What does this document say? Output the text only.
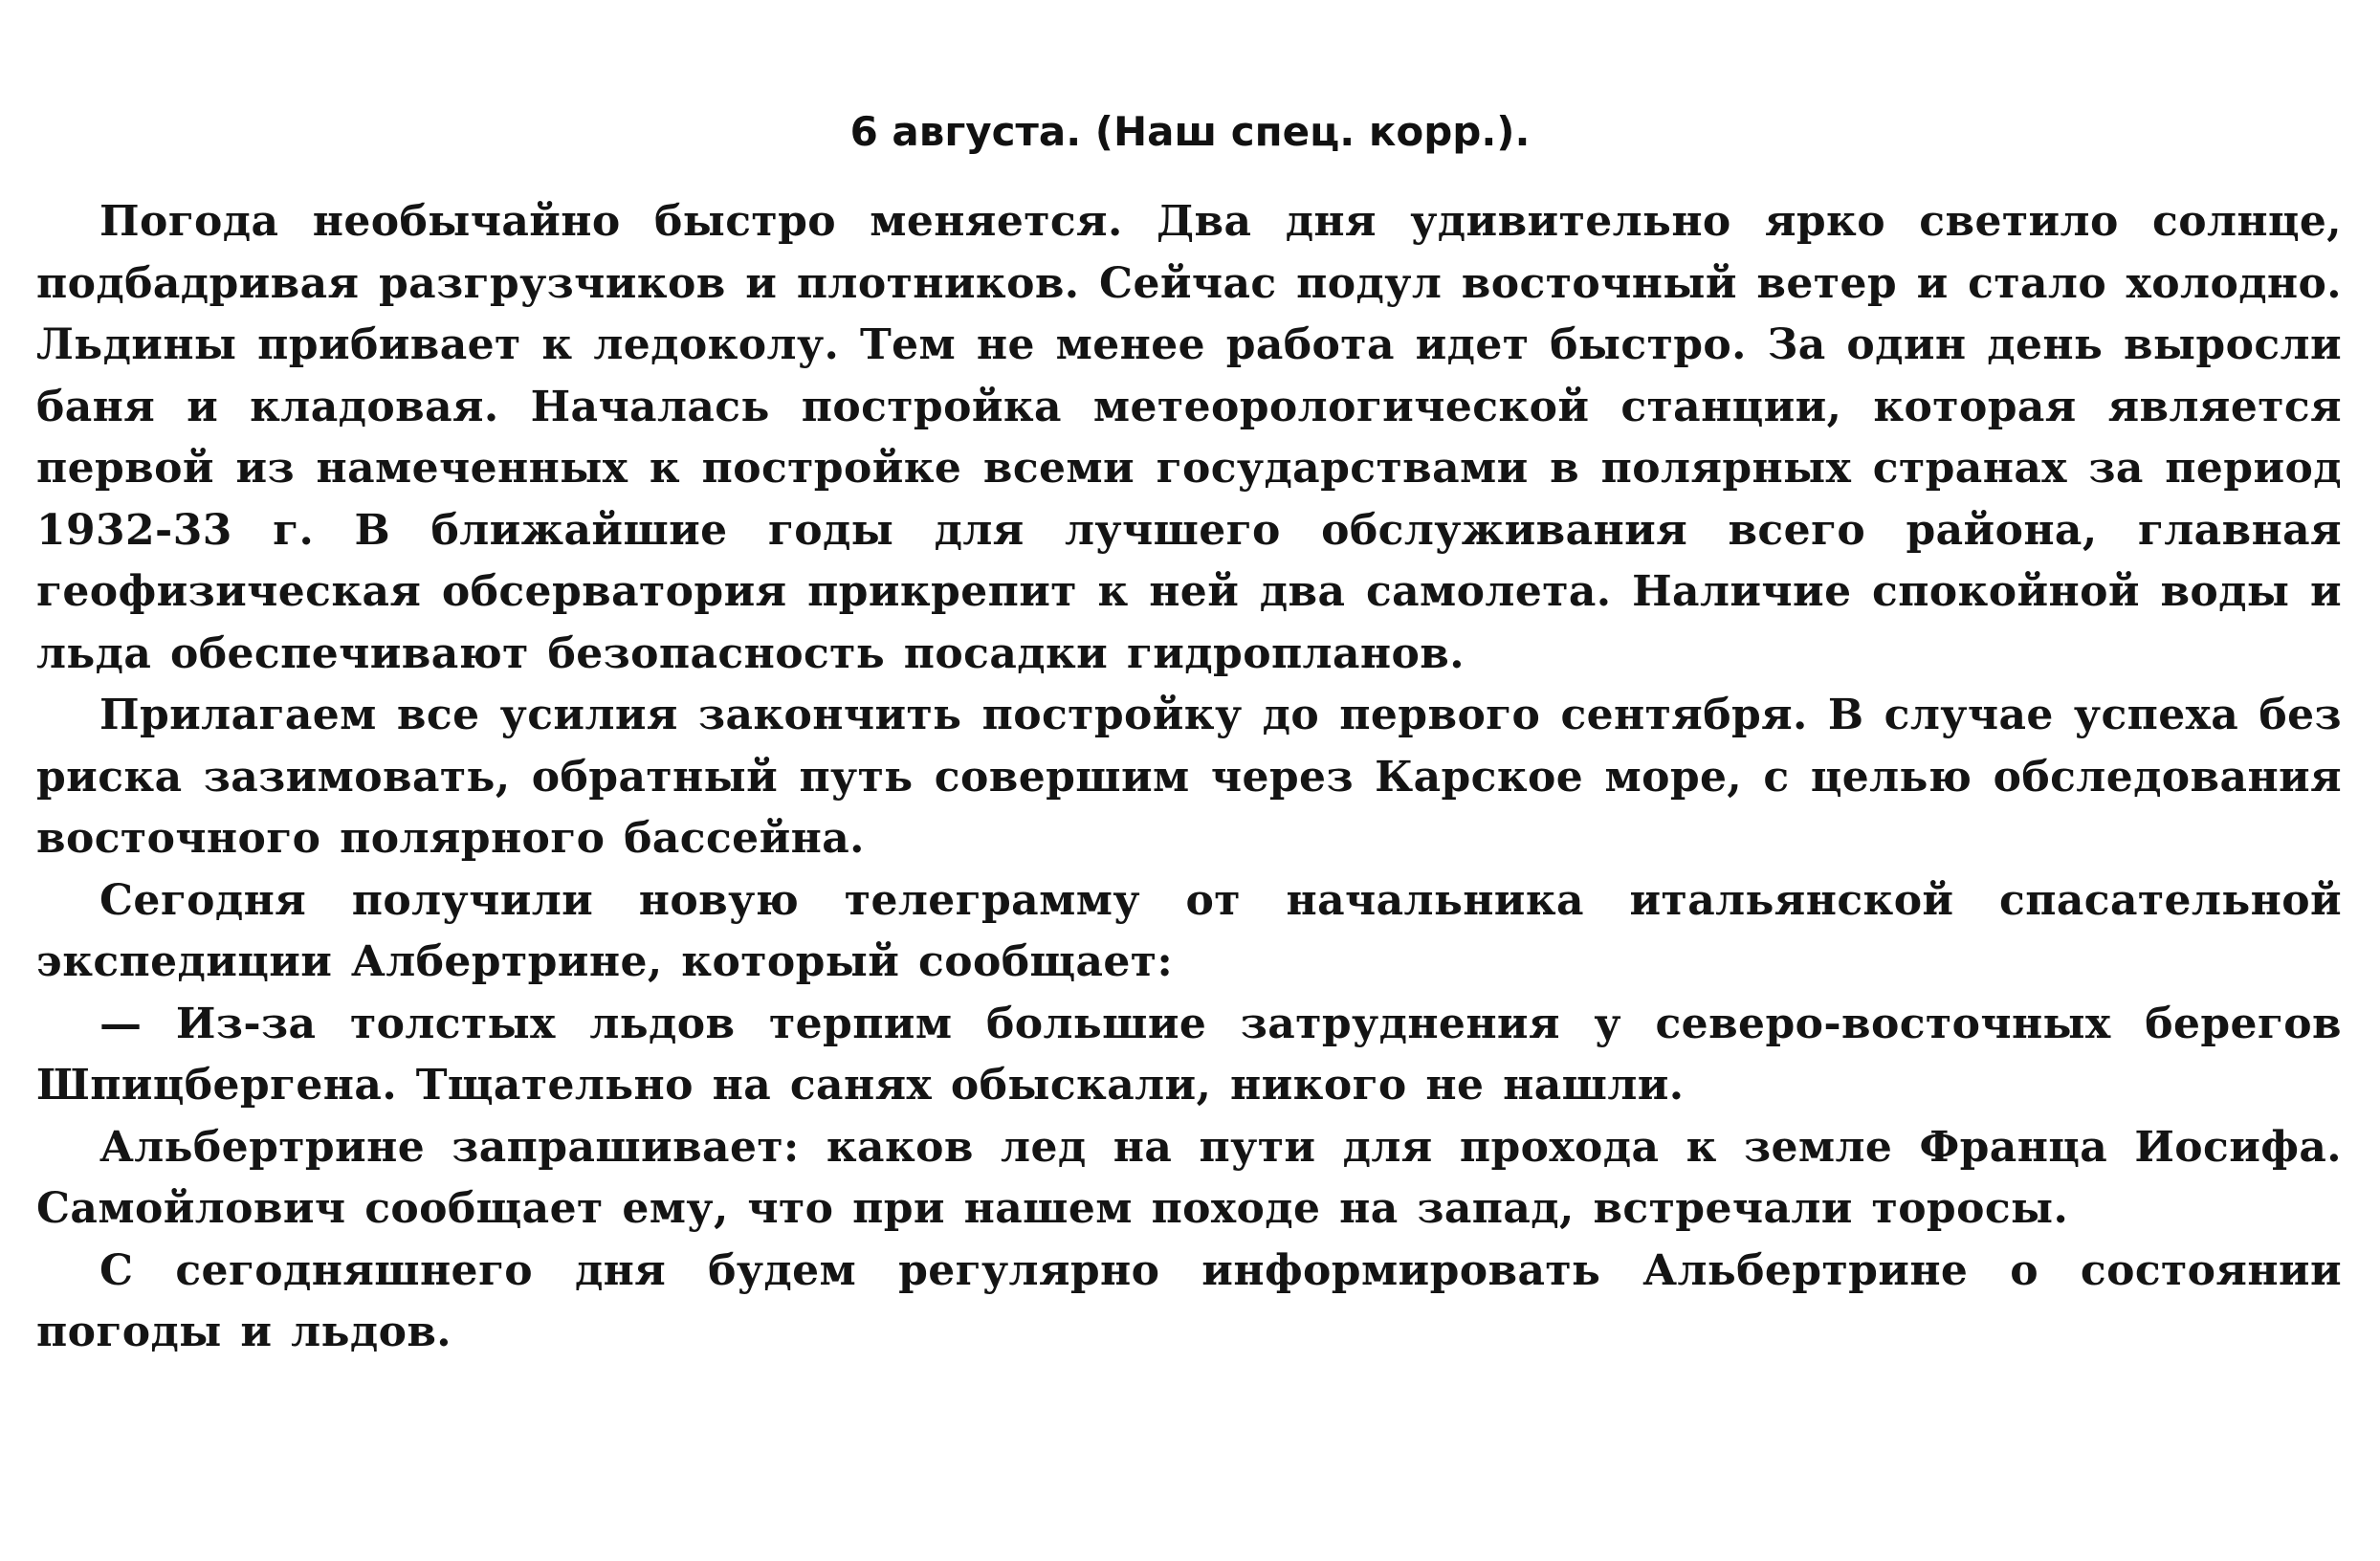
6 августа. (Наш спец. корр.).

Погода необычайно быстро меняется. Два дня удивительно ярко светило солнце, подбадривая разгрузчиков и плотников. Сейчас подул восточный ветер и стало холодно. Льдины прибивает к ледоколу. Тем не менее работа идет быстро. За один день выросли баня и кладовая. Началась постройка метеорологической станции, которая является первой из намеченных к постройке всеми государствами в полярных странах за период 1932-33 г. В ближайшие годы для лучшего обслуживания всего района, главная геофизическая обсерватория прикрепит к ней два самолета. Наличие спокойной воды и льда обеспечивают безопасность посадки гидропланов.

Прилагаем все усилия закончить постройку до первого сентября. В случае успеха без риска зазимовать, обратный путь совершим через Карское море, с целью обследования восточного полярного бассейна.

Сегодня получили новую телеграмму от начальника итальянской спасательной экспедиции Албертрине, который сообщает:

— Из-за толстых льдов терпим большие затруднения у северо-восточных берегов Шпицбергена. Тщательно на санях обыскали, никого не нашли.

Альбертрине запрашивает: каков лед на пути для прохода к земле Франца Иосифа. Самойлович сообщает ему, что при нашем походе на запад, встречали торосы.

С сегодняшнего дня будем регулярно информировать Альбертрине о состоянии погоды и льдов.
